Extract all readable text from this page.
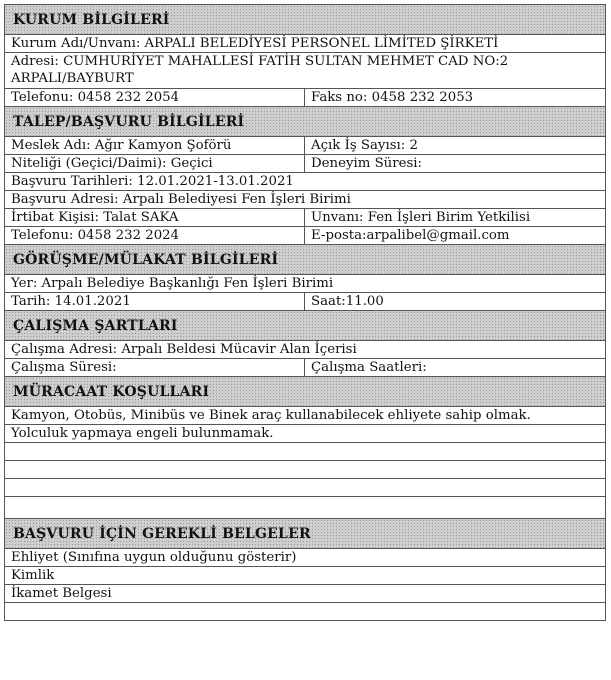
KURUM BİLGİLERİ
Kurum Adı/Unvanı: ARPALI BELEDİYESİ PERSONEL LİMİTED ŞİRKETİ
Adresi: CUMHURİYET MAHALLESİ FATİH SULTAN MEHMET CAD NO:2 ARPALI/BAYBURT
Telefonu: 0458 232 2054	Faks no: 0458 232 2053
TALEP/BAŞVURU BİLGİLERİ
Meslek Adı: Ağır Kamyon Şoförü	Açık İş Sayısı: 2
Niteliği (Geçici/Daimi): Geçici	Deneyim Süresi:
Başvuru Tarihleri: 12.01.2021-13.01.2021
Başvuru Adresi: Arpalı Belediyesi Fen İşleri Birimi
İrtibat Kişisi: Talat SAKA	Unvanı: Fen İşleri Birim Yetkilisi
Telefonu: 0458 232 2024	E-posta:arpalibel@gmail.com
GÖRÜŞME/MÜLAKAT BİLGİLERİ
Yer: Arpalı Belediye Başkanlığı Fen İşleri Birimi
Tarih: 14.01.2021	Saat:11.00
ÇALIŞMA ŞARTLARI
Çalışma Adresi: Arpalı Beldesi Mücavir Alan İçerisi
Çalışma Süresi:	Çalışma Saatleri:
MÜRACAAT KOŞULLARI
Kamyon, Otobüs, Minibüs ve Binek araç kullanabilecek ehliyete sahip olmak.
Yolculuk yapmaya engeli bulunmamak.
BAŞVURU İÇİN GEREKLİ BELGELER
Ehliyet (Sınıfına uygun olduğunu gösterir)
Kimlik
İkamet Belgesi
